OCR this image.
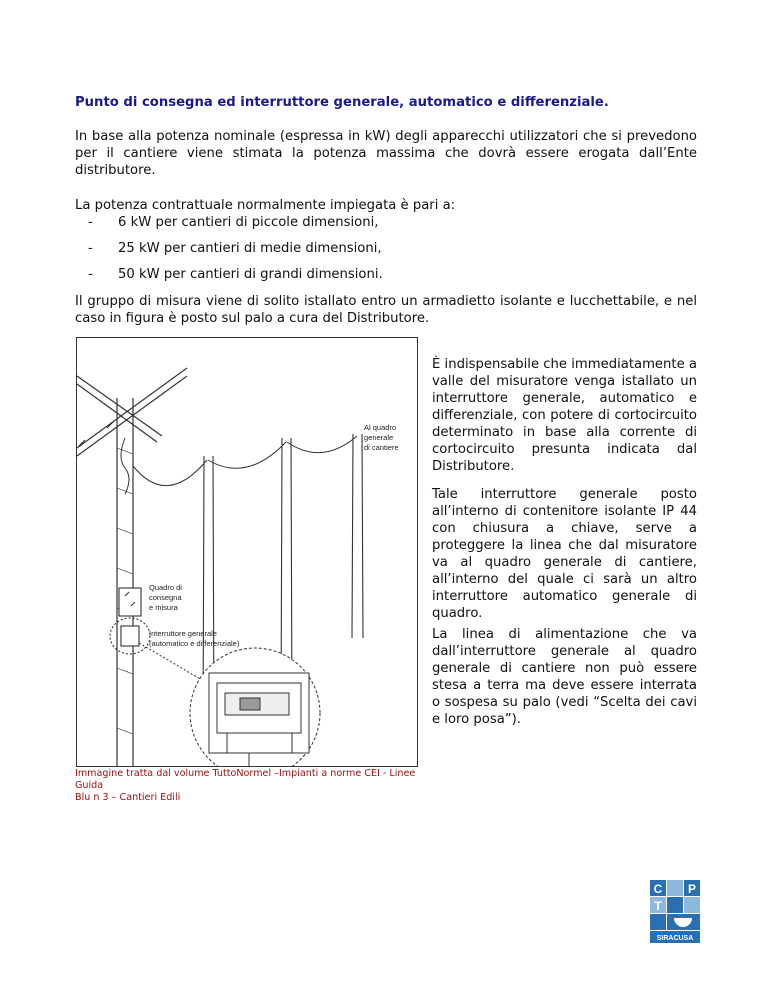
Punto di consegna ed interruttore generale, automatico e differenziale.

In base alla potenza nominale (espressa in kW) degli apparecchi utilizzatori che si prevedono per il cantiere viene stimata la potenza massima che dovrà essere erogata dall’Ente distributore.

La potenza contrattuale normalmente impiegata è pari a:

-	6 kW per cantieri di piccole dimensioni,
-	25 kW per cantieri di medie dimensioni,
-	50 kW per cantieri di grandi dimensioni.

Il gruppo di misura viene di solito istallato entro un armadietto isolante e lucchettabile, e nel caso in figura è posto sul palo a cura del Distributore.

Al quadro generale di cantiere
Quadro di consegna e misura
Interruttore generale (automatico e differenziale)
Immagine tratta dal volume TuttoNormel –Impianti a norme CEI - Linee Guida
Blu n 3 – Cantieri Edili

È indispensabile che immediatamente a valle del misuratore venga istallato un interruttore generale, automatico e differenziale, con potere di cortocircuito determinato in base alla corrente di cortocircuito presunta indicata dal Distributore.

Tale interruttore generale posto all’interno di contenitore isolante IP 44 con chiusura a chiave, serve a proteggere la linea che dal misuratore va al quadro generale di cantiere, all’interno del quale ci sarà un altro interruttore automatico generale di quadro.

La linea di alimentazione che va dall’interruttore generale al quadro generale di cantiere non può essere stesa a terra ma deve essere interrata o sospesa su palo (vedi “Scelta dei cavi e loro posa”).

C P
T
SIRACUSA
